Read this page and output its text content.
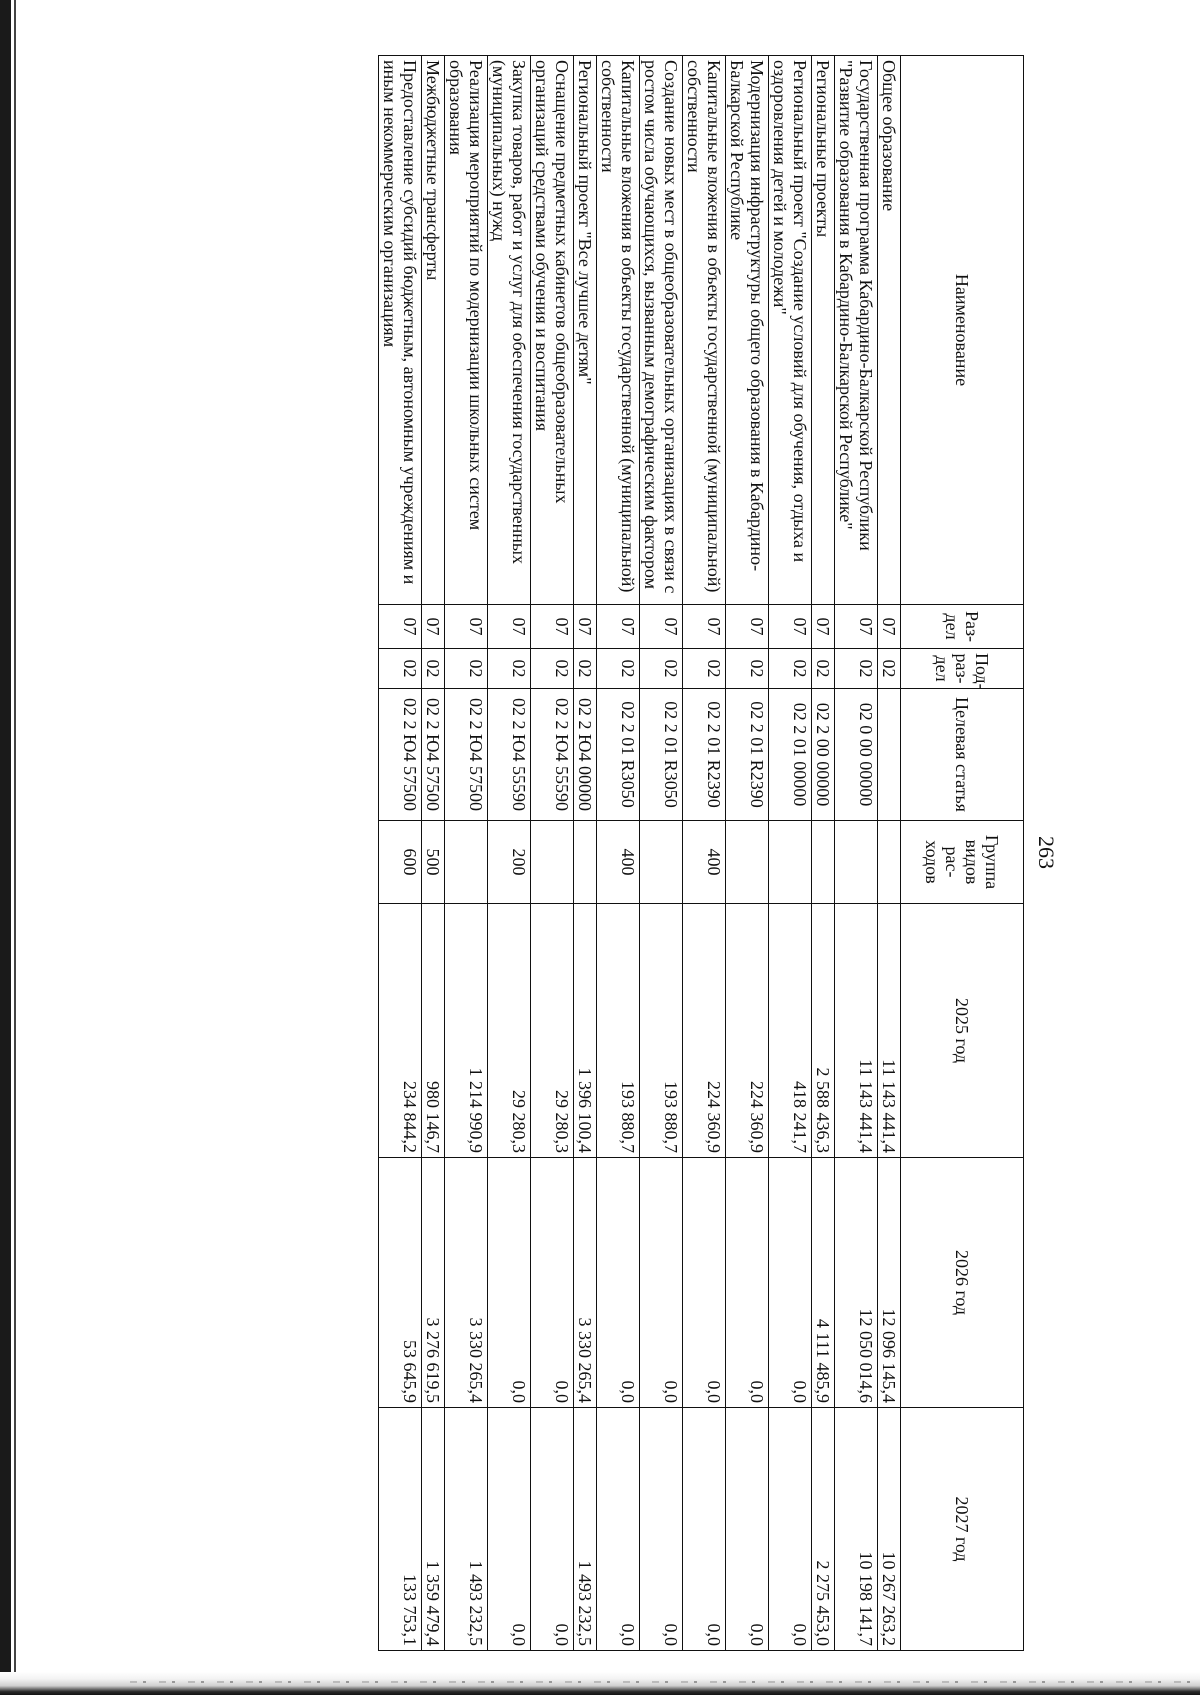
263
Наименование	Раз-дел	Под-раз-дел	Целевая статья	Группа видов рас-ходов	2025 год	2026 год	2027 год
Общее образование	07	02			11 143 441,4	12 096 145,4	10 267 263,2
Государственная программа Кабардино-Балкарской Республики "Развитие образования в Кабардино-Балкарской Республике"	07	02	02 0 00 00000		11 143 441,4	12 050 014,6	10 198 141,7
Региональные проекты	07	02	02 2 00 00000		2 588 436,3	4 111 485,9	2 275 453,0
Региональный проект "Создание условий для обучения, отдыха и оздоровления детей и молодежи"	07	02	02 2 01 00000		418 241,7	0,0	0,0
Модернизация инфраструктуры общего образования в Кабардино-Балкарской Республике	07	02	02 2 01 R2390		224 360,9	0,0	0,0
Капитальные вложения в объекты государственной (муниципальной) собственности	07	02	02 2 01 R2390	400	224 360,9	0,0	0,0
Создание новых мест в общеобразовательных организациях в связи с ростом числа обучающихся, вызванным демографическим фактором	07	02	02 2 01 R3050		193 880,7	0,0	0,0
Капитальные вложения в объекты государственной (муниципальной) собственности	07	02	02 2 01 R3050	400	193 880,7	0,0	0,0
Региональный проект "Все лучшее детям"	07	02	02 2 Ю4 00000		1 396 100,4	3 330 265,4	1 493 232,5
Оснащение предметных кабинетов общеобразовательных организаций средствами обучения и воспитания	07	02	02 2 Ю4 55590		29 280,3	0,0	0,0
Закупка товаров, работ и услуг для обеспечения государственных (муниципальных) нужд	07	02	02 2 Ю4 55590	200	29 280,3	0,0	0,0
Реализация мероприятий по модернизации школьных систем образования	07	02	02 2 Ю4 57500		1 214 990,9	3 330 265,4	1 493 232,5
Межбюджетные трансферты	07	02	02 2 Ю4 57500	500	980 146,7	3 276 619,5	1 359 479,4
Предоставление субсидий бюджетным, автономным учреждениям и иным некоммерческим организациям	07	02	02 2 Ю4 57500	600	234 844,2	53 645,9	133 753,1
